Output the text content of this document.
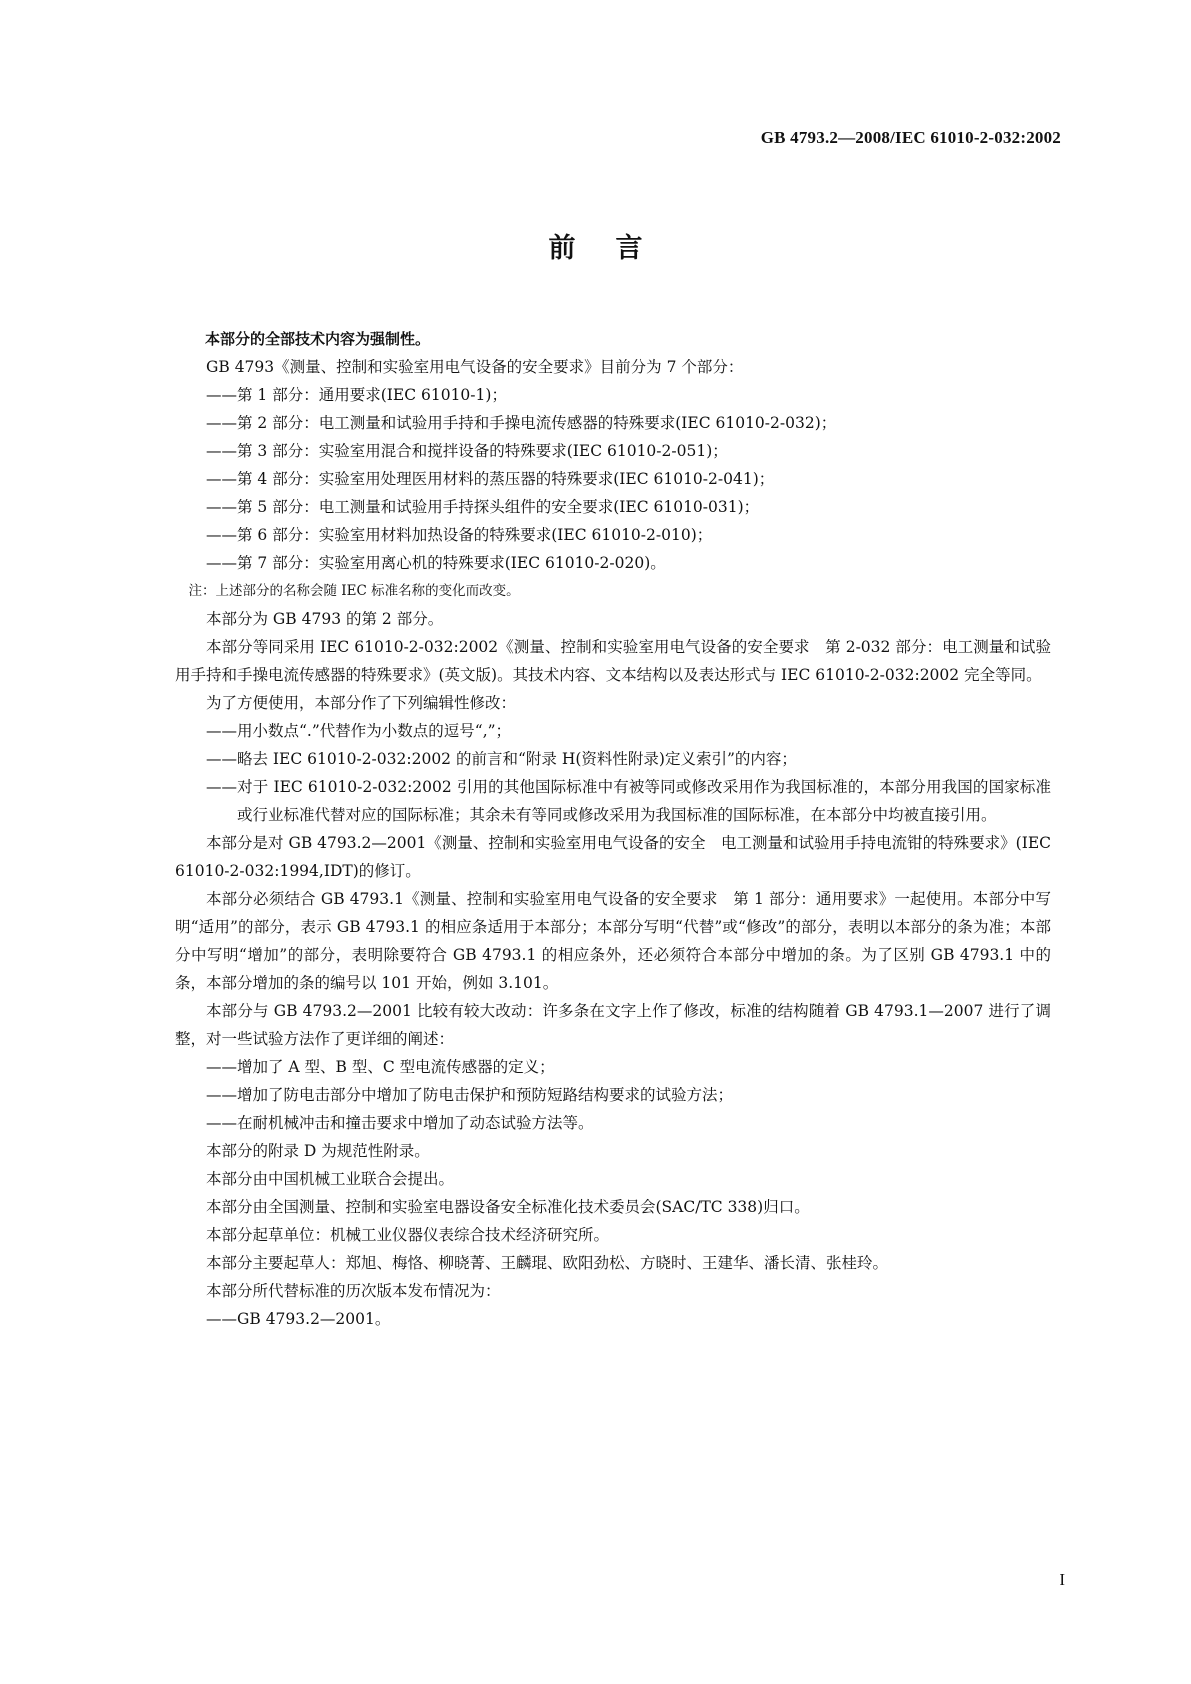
GB 4793.2—2008/IEC 61010-2-032:2002

前言

本部分的全部技术内容为强制性。

GB 4793《测量、控制和实验室用电气设备的安全要求》目前分为 7 个部分：

——第 1 部分：通用要求(IEC 61010-1)；

——第 2 部分：电工测量和试验用手持和手操电流传感器的特殊要求(IEC 61010-2-032)；

——第 3 部分：实验室用混合和搅拌设备的特殊要求(IEC 61010-2-051)；

——第 4 部分：实验室用处理医用材料的蒸压器的特殊要求(IEC 61010-2-041)；

——第 5 部分：电工测量和试验用手持探头组件的安全要求(IEC 61010-031)；

——第 6 部分：实验室用材料加热设备的特殊要求(IEC 61010-2-010)；

——第 7 部分：实验室用离心机的特殊要求(IEC 61010-2-020)。

注：上述部分的名称会随 IEC 标准名称的变化而改变。

本部分为 GB 4793 的第 2 部分。

本部分等同采用 IEC 61010-2-032:2002《测量、控制和实验室用电气设备的安全要求　第 2-032 部分：电工测量和试验用手持和手操电流传感器的特殊要求》(英文版)。其技术内容、文本结构以及表达形式与 IEC 61010-2-032:2002 完全等同。

为了方便使用，本部分作了下列编辑性修改：

——用小数点“.”代替作为小数点的逗号“,”；

——略去 IEC 61010-2-032:2002 的前言和“附录 H(资料性附录)定义索引”的内容；

——对于 IEC 61010-2-032:2002 引用的其他国际标准中有被等同或修改采用作为我国标准的，本部分用我国的国家标准或行业标准代替对应的国际标准；其余未有等同或修改采用为我国标准的国际标准，在本部分中均被直接引用。

本部分是对 GB 4793.2—2001《测量、控制和实验室用电气设备的安全　电工测量和试验用手持电流钳的特殊要求》(IEC 61010-2-032:1994,IDT)的修订。

本部分必须结合 GB 4793.1《测量、控制和实验室用电气设备的安全要求　第 1 部分：通用要求》一起使用。本部分中写明“适用”的部分，表示 GB 4793.1 的相应条适用于本部分；本部分写明“代替”或“修改”的部分，表明以本部分的条为准；本部分中写明“增加”的部分，表明除要符合 GB 4793.1 的相应条外，还必须符合本部分中增加的条。为了区别 GB 4793.1 中的条，本部分增加的条的编号以 101 开始，例如 3.101。

本部分与 GB 4793.2—2001 比较有较大改动：许多条在文字上作了修改，标准的结构随着 GB 4793.1—2007 进行了调整，对一些试验方法作了更详细的阐述：

——增加了 A 型、B 型、C 型电流传感器的定义；

——增加了防电击部分中增加了防电击保护和预防短路结构要求的试验方法；

——在耐机械冲击和撞击要求中增加了动态试验方法等。

本部分的附录 D 为规范性附录。

本部分由中国机械工业联合会提出。

本部分由全国测量、控制和实验室电器设备安全标准化技术委员会(SAC/TC 338)归口。

本部分起草单位：机械工业仪器仪表综合技术经济研究所。

本部分主要起草人：郑旭、梅恪、柳晓菁、王麟琨、欧阳劲松、方晓时、王建华、潘长清、张桂玲。

本部分所代替标准的历次版本发布情况为：

——GB 4793.2—2001。

I
